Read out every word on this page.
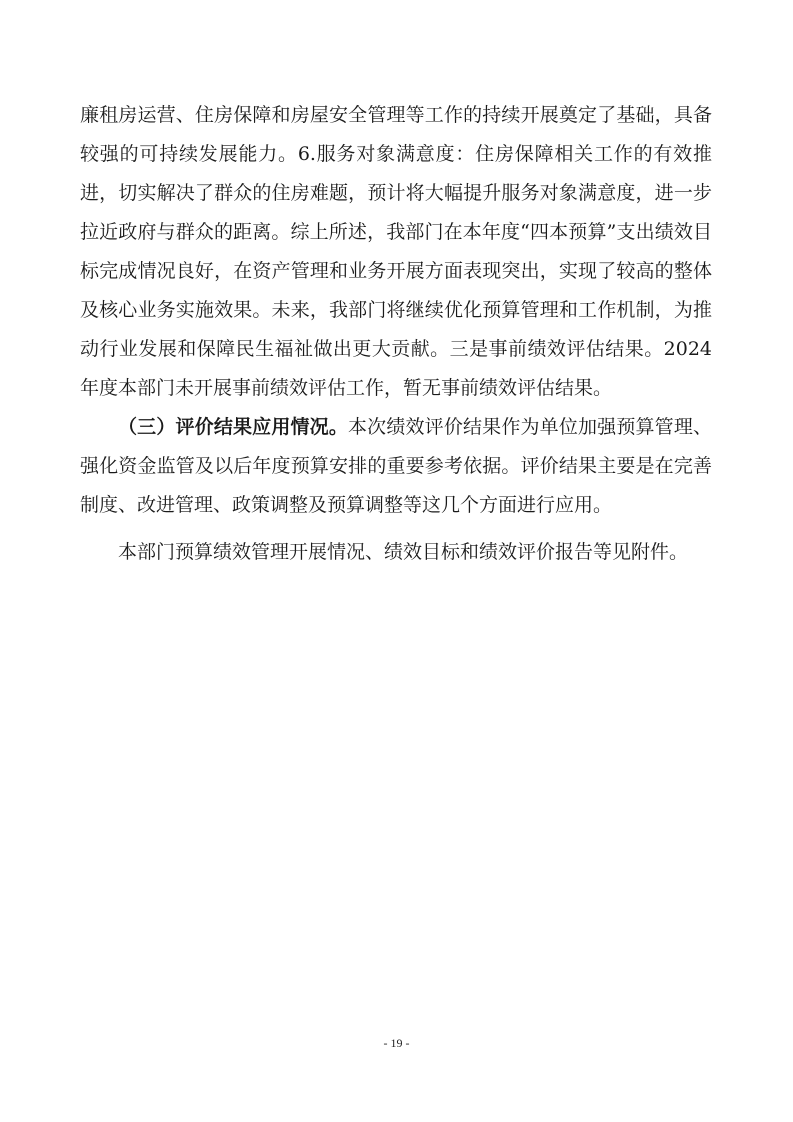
廉租房运营、住房保障和房屋安全管理等工作的持续开展奠定了基础，具备较强的可持续发展能力。6.服务对象满意度：住房保障相关工作的有效推进，切实解决了群众的住房难题，预计将大幅提升服务对象满意度，进一步拉近政府与群众的距离。综上所述，我部门在本年度“四本预算”支出绩效目标完成情况良好，在资产管理和业务开展方面表现突出，实现了较高的整体及核心业务实施效果。未来，我部门将继续优化预算管理和工作机制，为推动行业发展和保障民生福祉做出更大贡献。三是事前绩效评估结果。2024年度本部门未开展事前绩效评估工作，暂无事前绩效评估结果。

（三）评价结果应用情况。本次绩效评价结果作为单位加强预算管理、强化资金监管及以后年度预算安排的重要参考依据。评价结果主要是在完善制度、改进管理、政策调整及预算调整等这几个方面进行应用。

本部门预算绩效管理开展情况、绩效目标和绩效评价报告等见附件。

- 19 -
